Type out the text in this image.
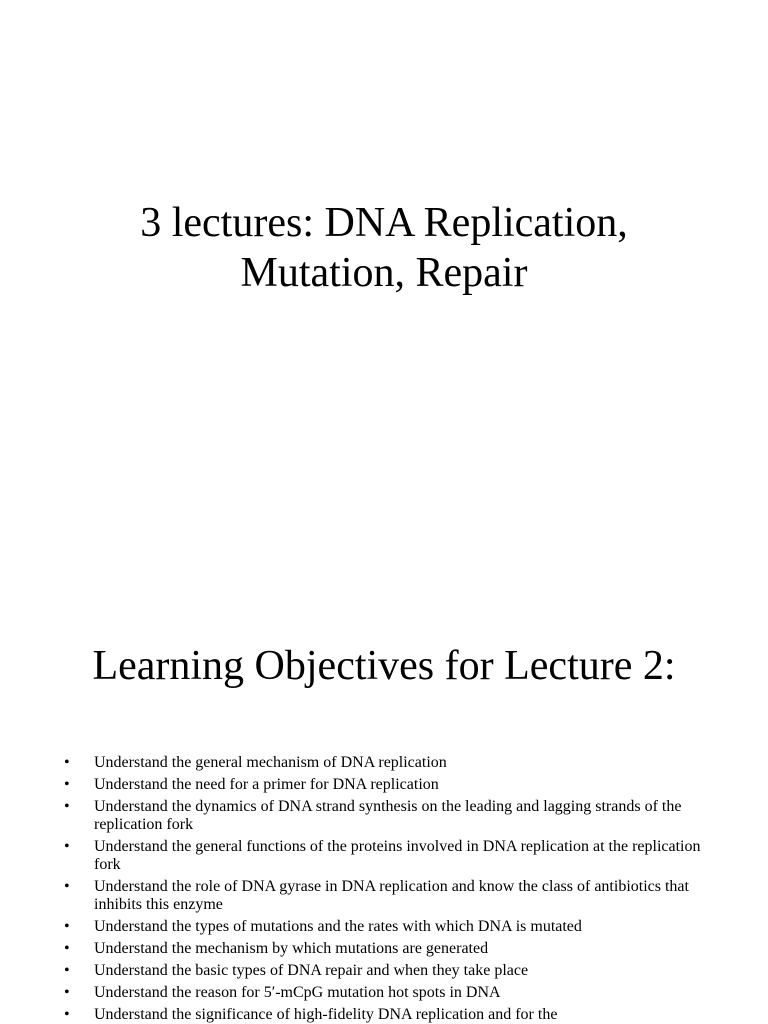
3 lectures: DNA Replication,
Mutation, Repair
Learning Objectives for Lecture 2:
• Understand the general mechanism of DNA replication
• Understand the need for a primer for DNA replication
• Understand the dynamics of DNA strand synthesis on the leading and lagging strands of the replication fork
• Understand the general functions of the proteins involved in DNA replication at the replication fork
• Understand the role of DNA gyrase in DNA replication and know the class of antibiotics that inhibits this enzyme
• Understand the types of mutations and the rates with which DNA is mutated
• Understand the mechanism by which mutations are generated
• Understand the basic types of DNA repair and when they take place
• Understand the reason for 5′-mCpG mutation hot spots in DNA
• Understand the significance of high-fidelity DNA replication and for the
